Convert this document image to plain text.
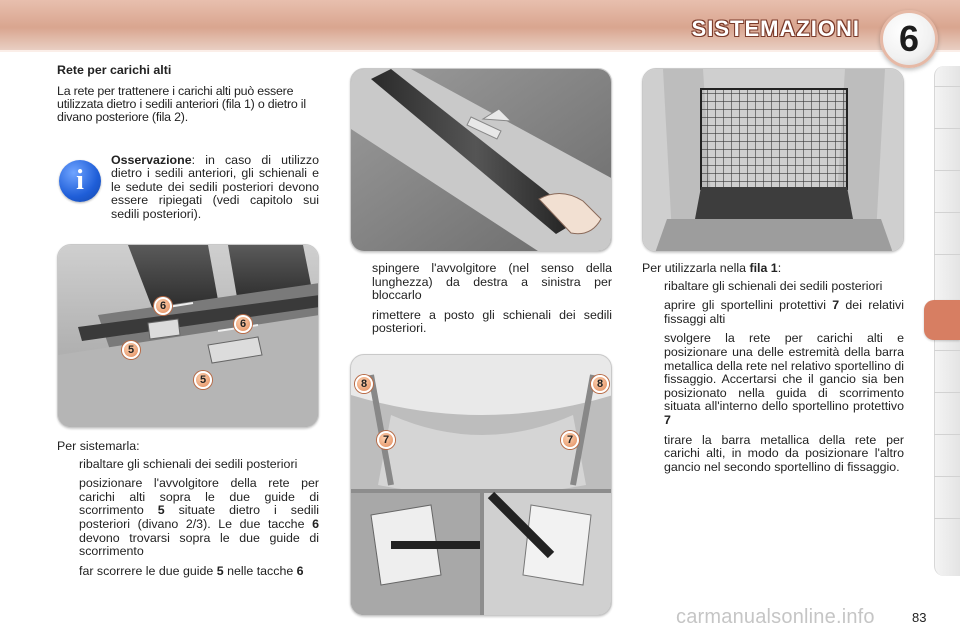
SISTEMAZIONI 6
Rete per carichi alti
La rete per trattenere i carichi alti può essere utilizzata dietro i sedili anteriori (fila 1) o dietro il divano posteriore (fila 2).
i
Osservazione: in caso di utilizzo dietro i sedili anteriori, gli schienali e le sedute dei sedili posteriori devono essere ripiegati (vedi capitolo sui sedili posteriori).
6
6
5
5
Per sistemarla:
ribaltare gli schienali dei sedili posteriori
posizionare l'avvolgitore della rete per carichi alti sopra le due guide di scorrimento 5 situate dietro i sedili posteriori (divano 2/3). Le due tacche 6 devono trovarsi sopra le due guide di scorrimento
far scorrere le due guide 5 nelle tacche 6
spingere l'avvolgitore (nel senso della lunghezza) da destra a sinistra per bloccarlo
rimettere a posto gli schienali dei sedili posteriori.
8	8
7	7
Per utilizzarla nella fila 1:
ribaltare gli schienali dei sedili posteriori
aprire gli sportellini protettivi 7 dei relativi fissaggi alti
svolgere la rete per carichi alti e posizionare una delle estremità della barra metallica della rete nel relativo sportellino di fissaggio. Accertarsi che il gancio sia ben posizionato nella guida di scorrimento situata all'interno dello sportellino protettivo 7
tirare la barra metallica della rete per carichi alti, in modo da posizionare l'altro gancio nel secondo sportellino di fissaggio.
carmanualsonline.info	83
